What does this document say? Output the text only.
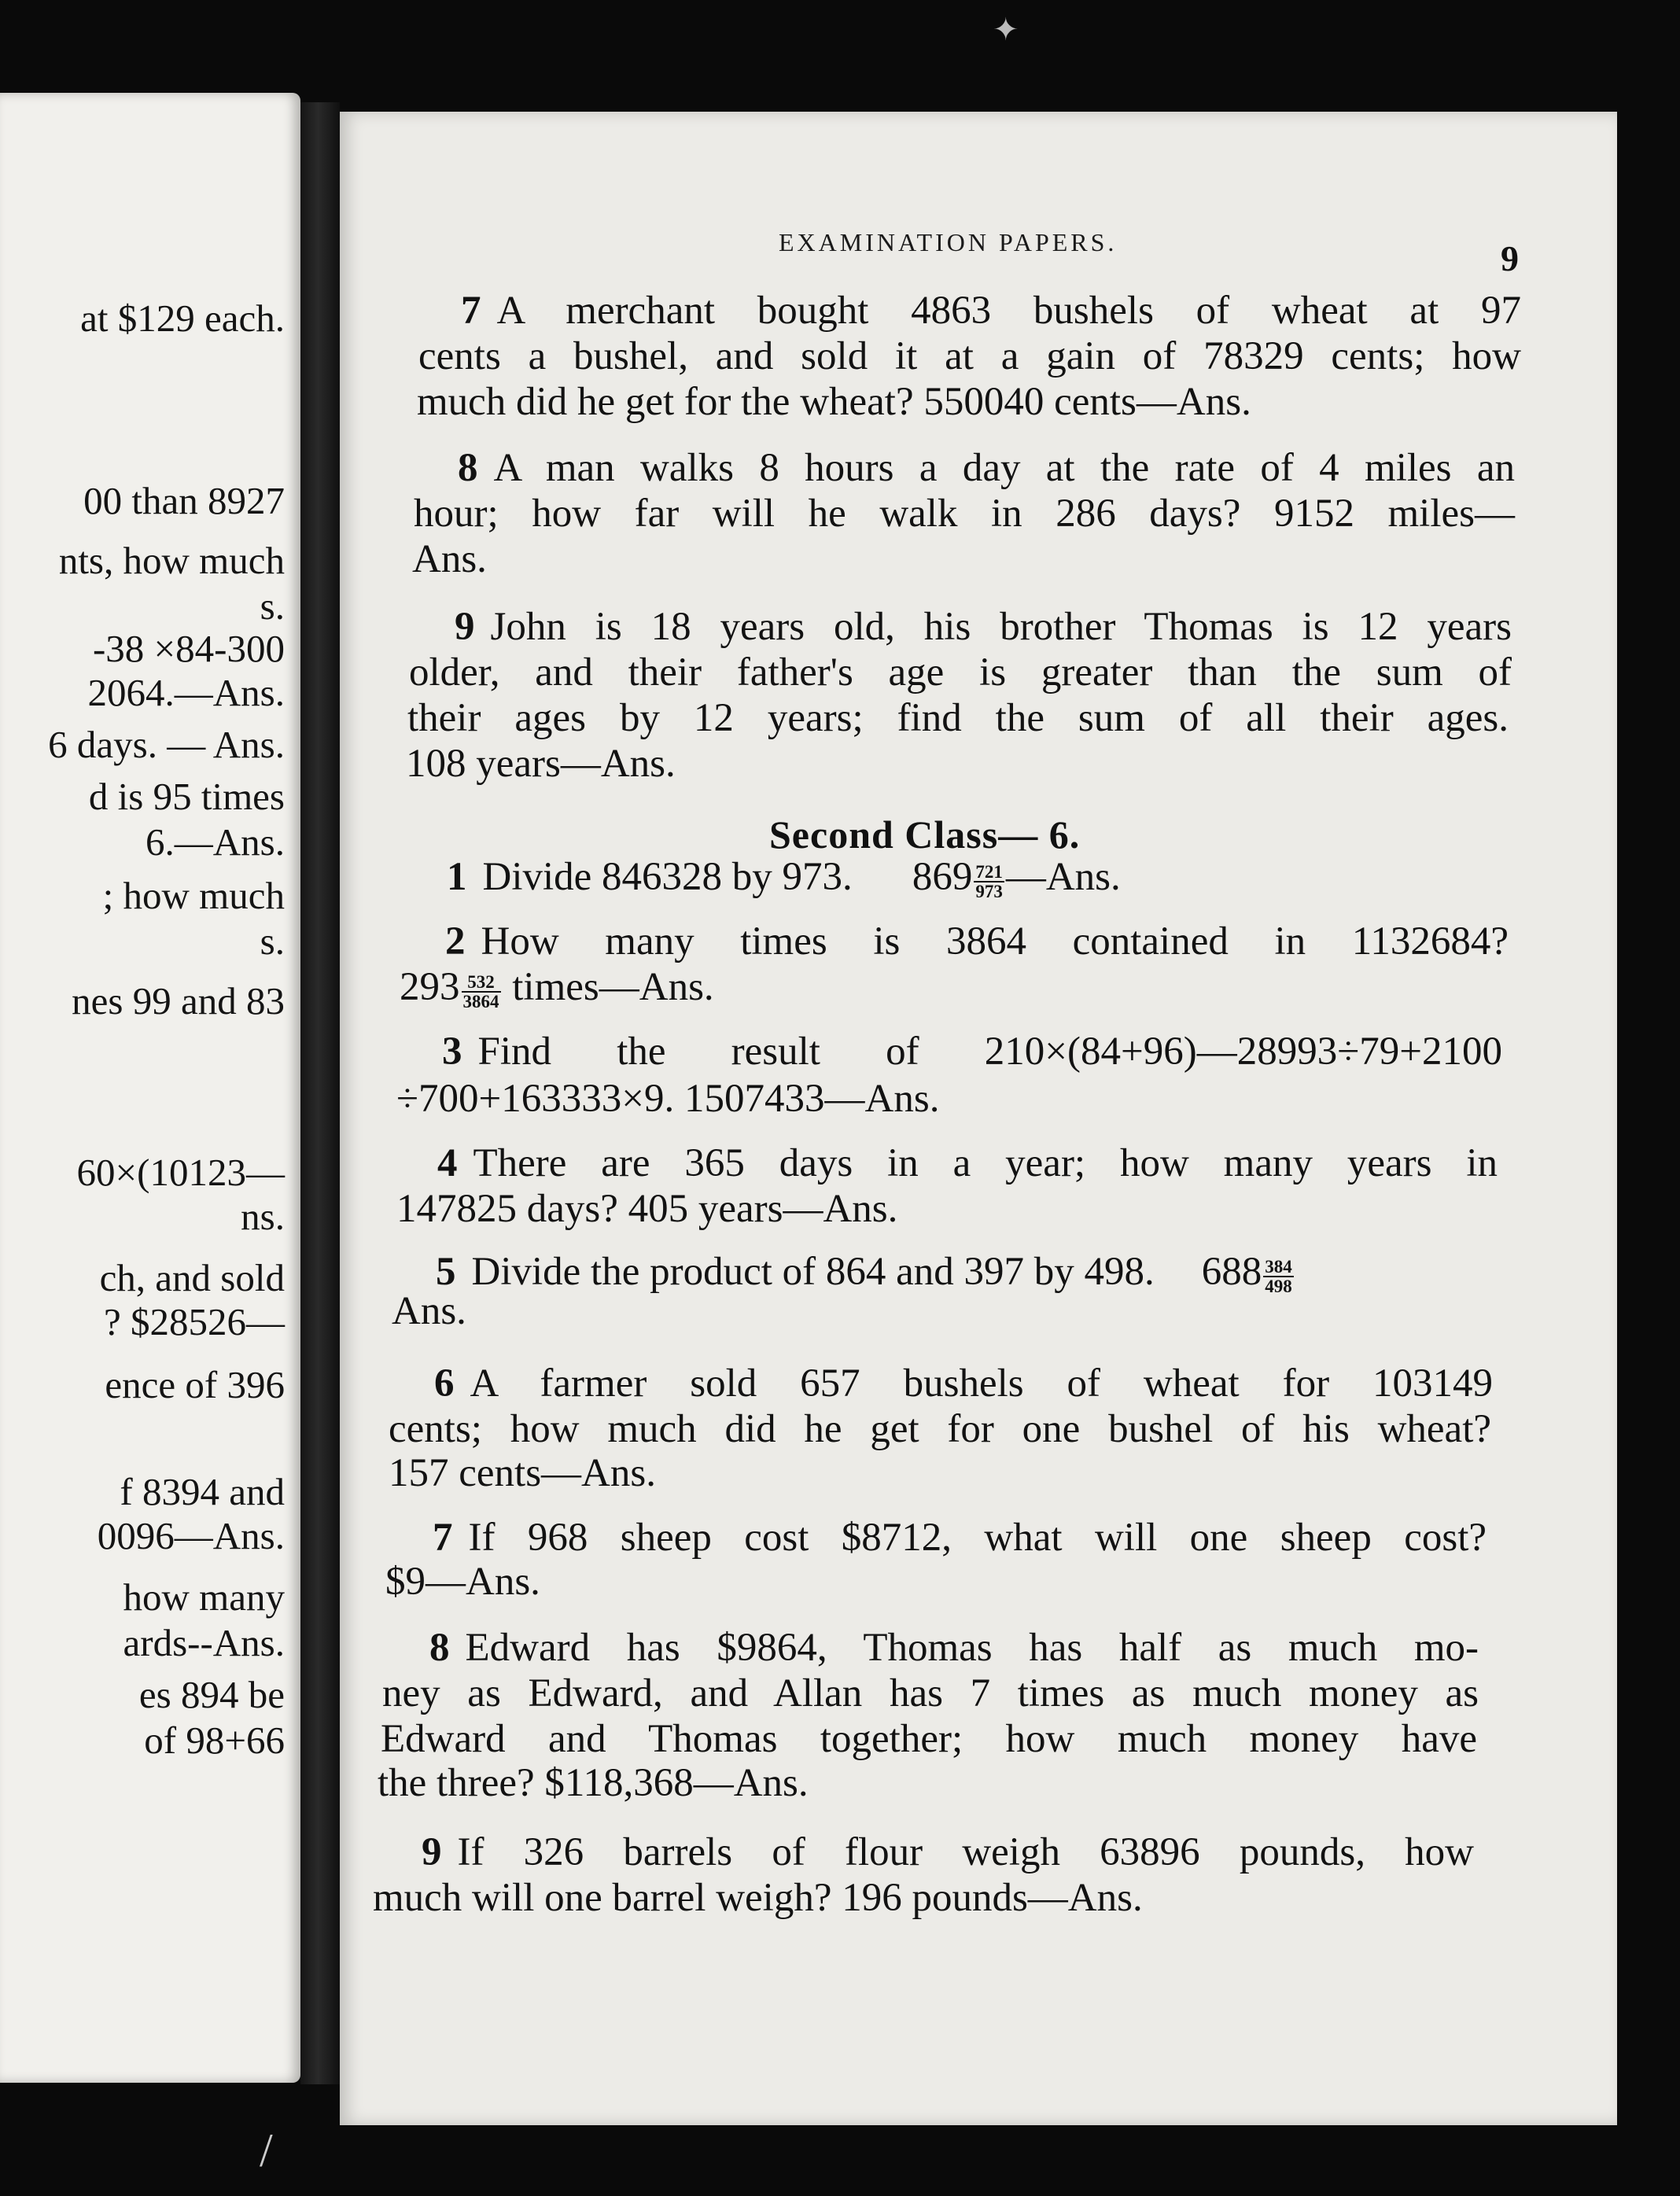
at $129 each.
00 than 8927
nts, how much
s.
-38 ×84-300
2064.—Ans.
6 days. — Ans.
d is 95 times
6.—Ans.
; how much
s.
nes 99 and 83
60×(10123—
ns.
ch, and sold
? $28526—
ence of 396
f 8394 and
0096—Ans.
how many
ards--Ans.
es 894 be
of 98+66
EXAMINATION PAPERS.	9
7 A merchant bought 4863 bushels of wheat at 97
cents a bushel, and sold it at a gain of 78329 cents; how
much did he get for the wheat? 550040 cents—Ans.
8 A man walks 8 hours a day at the rate of 4 miles an
hour; how far will he walk in 286 days? 9152 miles—
Ans.
9 John is 18 years old, his brother Thomas is 12 years
older, and their father's age is greater than the sum of
their ages by 12 years; find the sum of all their ages.
108 years—Ans.
Second Class— 6.
1 Divide 846328 by 973. $869 \frac{721}{973}$ —Ans.
2 How many times is 3864 contained in 1132684?
$293 \frac{532}{3864}$ times—Ans.
3 Find the result of 210×(84+96)—28993÷79+2100
÷700+163333×9. 1507433—Ans.
4 There are 365 days in a year; how many years in
147825 days? 405 years—Ans.
5 Divide the product of 864 and 397 by 498. $688 \frac{384}{498}$
Ans.
6 A farmer sold 657 bushels of wheat for 103149
cents; how much did he get for one bushel of his wheat?
157 cents—Ans.
7 If 968 sheep cost $8712, what will one sheep cost?
$9—Ans.
8 Edward has $9864, Thomas has half as much mo-
ney as Edward, and Allan has 7 times as much money as
Edward and Thomas together; how much money have
the three? $118,368—Ans.
9 If 326 barrels of flour weigh 63896 pounds, how
much will one barrel weigh? 196 pounds—Ans.
✦
/
